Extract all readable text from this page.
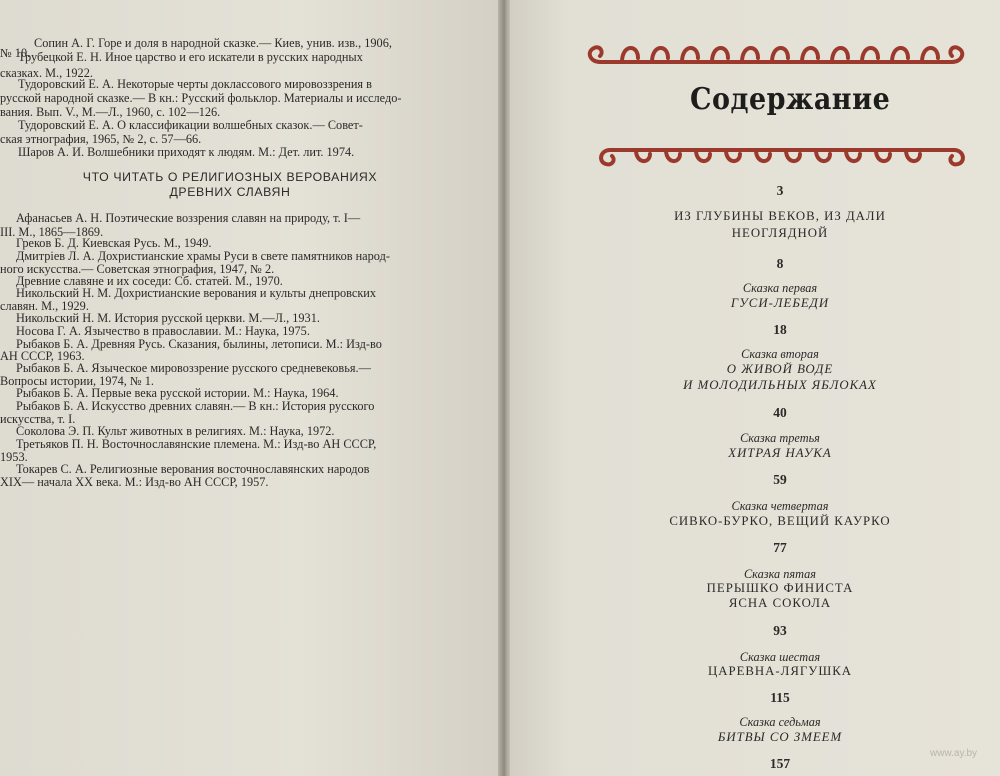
Сопин А. Г. Горе и доля в народной сказке.— Киев, унив. изв., 1906,
№ 10.
Трубецкой Е. Н. Иное царство и его искатели в русских народных
сказках. М., 1922.
Тудоровский Е. А. Некоторые черты доклассового мировоззрения в
русской народной сказке.— В кн.: Русский фольклор. Материалы и исследо-
вания. Вып. V., М.—Л., 1960, с. 102—126.
Тудоровский Е. А. О классификации волшебных сказок.— Совет-
ская этнография, 1965, № 2, с. 57—66.
Шаров А. И. Волшебники приходят к людям. М.: Дет. лит. 1974.
ЧТО ЧИТАТЬ О РЕЛИГИОЗНЫХ ВЕРОВАНИЯХ
ДРЕВНИХ СЛАВЯН
Афанасьев А. Н. Поэтические воззрения славян на природу, т. I—
III. М., 1865—1869.
Греков Б. Д. Киевская Русь. М., 1949.
Дмитрiев Л. А. Дохристианские храмы Руси в свете памятников народ-
ного искусства.— Советская этнография, 1947, № 2.
Древние славяне и их соседи: Сб. статей. М., 1970.
Никольский Н. М. Дохристианские верования и культы днепровских
славян. М., 1929.
Никольский Н. М. История русской церкви. М.—Л., 1931.
Носова Г. А. Язычество в православии. М.: Наука, 1975.
Рыбаков Б. А. Древняя Русь. Сказания, былины, летописи. М.: Изд-во
АН СССР, 1963.
Рыбаков Б. А. Языческое мировоззрение русского средневековья.—
Вопросы истории, 1974, № 1.
Рыбаков Б. А. Первые века русской истории. М.: Наука, 1964.
Рыбаков Б. А. Искусство древних славян.— В кн.: История русского
искусства, т. I.
Соколова Э. П. Культ животных в религиях. М.: Наука, 1972.
Третьяков П. Н. Восточнославянские племена. М.: Изд-во АН СССР,
1953.
Токарев С. А. Религиозные верования восточнославянских народов
XIX— начала XX века. М.: Изд-во АН СССР, 1957.
Содержание
3
ИЗ ГЛУБИНЫ ВЕКОВ, ИЗ ДАЛИ
НЕОГЛЯДНОЙ
8
Сказка первая
ГУСИ-ЛЕБЕДИ
18
Сказка вторая
О ЖИВОЙ ВОДЕ
И МОЛОДИЛЬНЫХ ЯБЛОКАХ
40
Сказка третья
ХИТРАЯ НАУКА
59
Сказка четвертая
СИВКО-БУРКО, ВЕЩИЙ КАУРКО
77
Сказка пятая
ПЕРЫШКО ФИНИСТА
ЯСНА СОКОЛА
93
Сказка шестая
ЦАРЕВНА-ЛЯГУШКА
115
Сказка седьмая
БИТВЫ СО ЗМЕЕМ
157
www.ay.by
